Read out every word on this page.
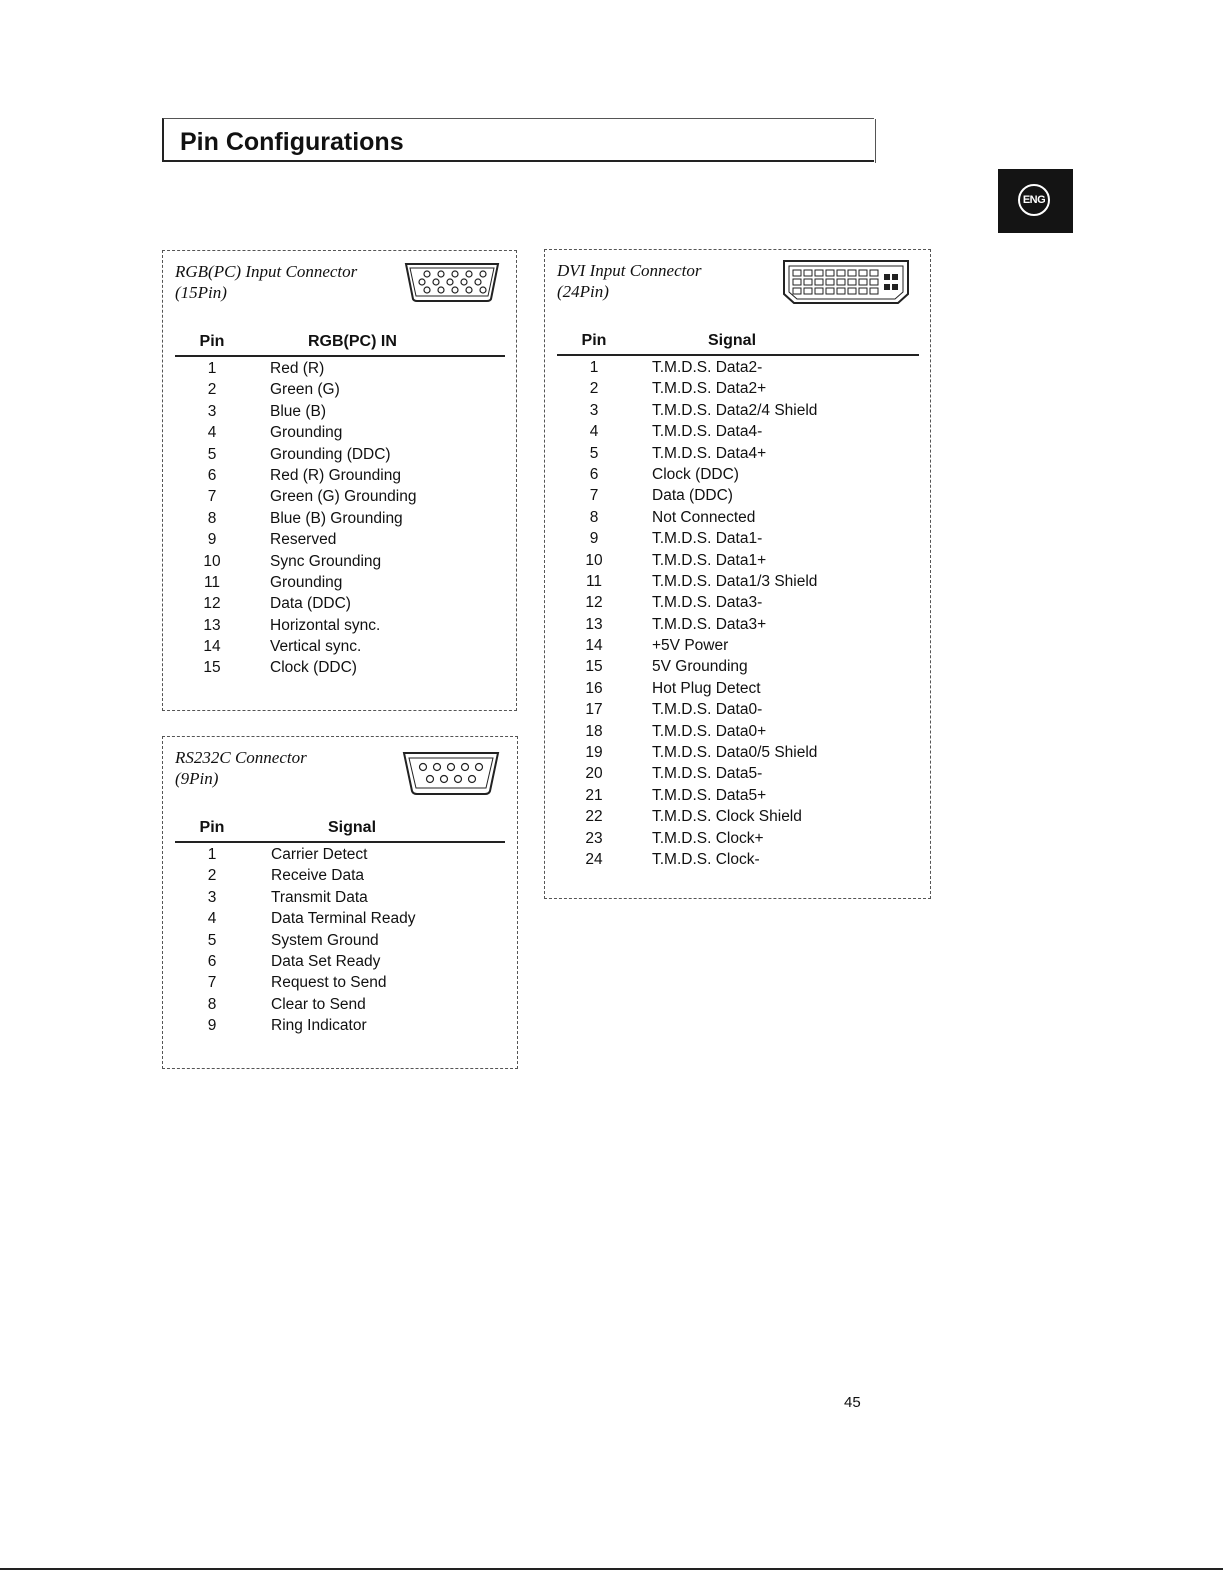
Pin Configurations
ENG
RGB(PC) Input Connector
(15Pin)
Pin	RGB(PC) IN
1	Red (R)
2	Green (G)
3	Blue (B)
4	Grounding
5	Grounding (DDC)
6	Red (R) Grounding
7	Green (G) Grounding
8	Blue (B) Grounding
9	Reserved
10	Sync Grounding
11	Grounding
12	Data (DDC)
13	Horizontal sync.
14	Vertical sync.
15	Clock (DDC)
RS232C Connector
(9Pin)
Pin	Signal
1	Carrier Detect
2	Receive Data
3	Transmit Data
4	Data Terminal Ready
5	System Ground
6	Data Set Ready
7	Request to Send
8	Clear to Send
9	Ring Indicator
DVI Input Connector
(24Pin)
Pin	Signal
1	T.M.D.S. Data2-
2	T.M.D.S. Data2+
3	T.M.D.S. Data2/4 Shield
4	T.M.D.S. Data4-
5	T.M.D.S. Data4+
6	Clock (DDC)
7	Data (DDC)
8	Not Connected
9	T.M.D.S. Data1-
10	T.M.D.S. Data1+
11	T.M.D.S. Data1/3 Shield
12	T.M.D.S. Data3-
13	T.M.D.S. Data3+
14	+5V Power
15	5V Grounding
16	Hot Plug Detect
17	T.M.D.S. Data0-
18	T.M.D.S. Data0+
19	T.M.D.S. Data0/5 Shield
20	T.M.D.S. Data5-
21	T.M.D.S. Data5+
22	T.M.D.S. Clock Shield
23	T.M.D.S. Clock+
24	T.M.D.S. Clock-
45
